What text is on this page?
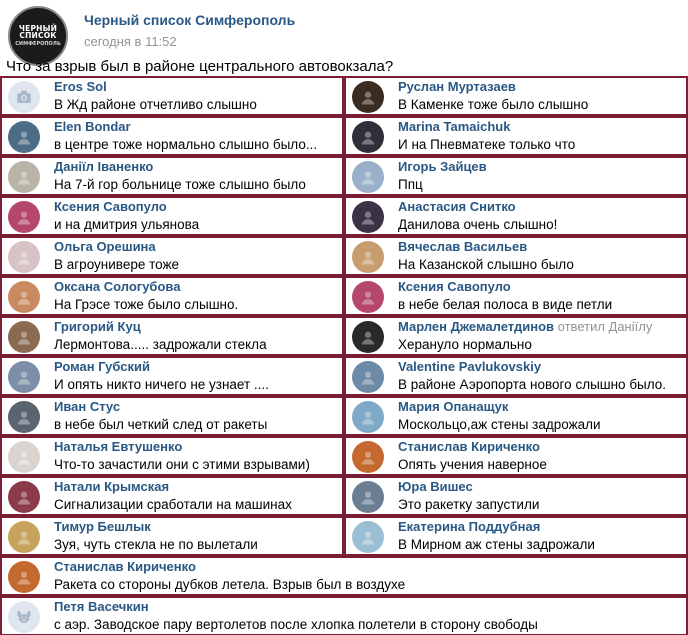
ЧЕРНЫЙ
СПИСОК
СИМФЕРОПОЛЬ
Черный список Симферополь
сегодня в 11:52
Что за взрыв был в районе центрального автовокзала?
Eros Sol
В Жд районе отчетливо слышно
Руслан Муртазаев
В Каменке тоже было слышно
Elen Bondar
в центре тоже нормально слышно было...
Marina Tamaichuk
И на Пневматеке только что
Даніїл Іваненко
На 7-й гор больнице тоже слышно было
Игорь Зайцев
Ппц
Ксения Савопуло
и на дмитрия ульянова
Анастасия Снитко
Данилова очень слышно!
Ольга Орешина
В агроунивере тоже
Вячеслав Васильев
На Казанской слышно было
Оксана Сологубова
На Грэсе тоже было слышно.
Ксения Савопуло
в небе белая полоса в виде петли
Григорий Куц
Лермонтова..... задрожали стекла
Марлен Джемалетдинов ответил Даніїлу
Херануло нормально
Роман Губский
И опять никто ничего не узнает ....
Valentine Pavlukovskiy
В районе Аэропорта нового слышно было.
Иван Стус
в небе был четкий след от ракеты
Мария Опанащук
Москольцо,аж стены задрожали
Наталья Евтушенко
Что-то зачастили они с этими взрывами)
Станислав Кириченко
Опять учения наверное
Натали Крымская
Сигнализации сработали на машинах
Юра Вишес
Это ракетку запустили
Тимур Бешлык
Зуя, чуть стекла не по вылетали
Екатерина Поддубная
В Мирном аж стены задрожали
Станислав Кириченко
Ракета со стороны дубков летела. Взрыв был в воздухе
Петя Васечкин
с аэр. Заводское пару вертолетов после хлопка полетели в сторону свободы
